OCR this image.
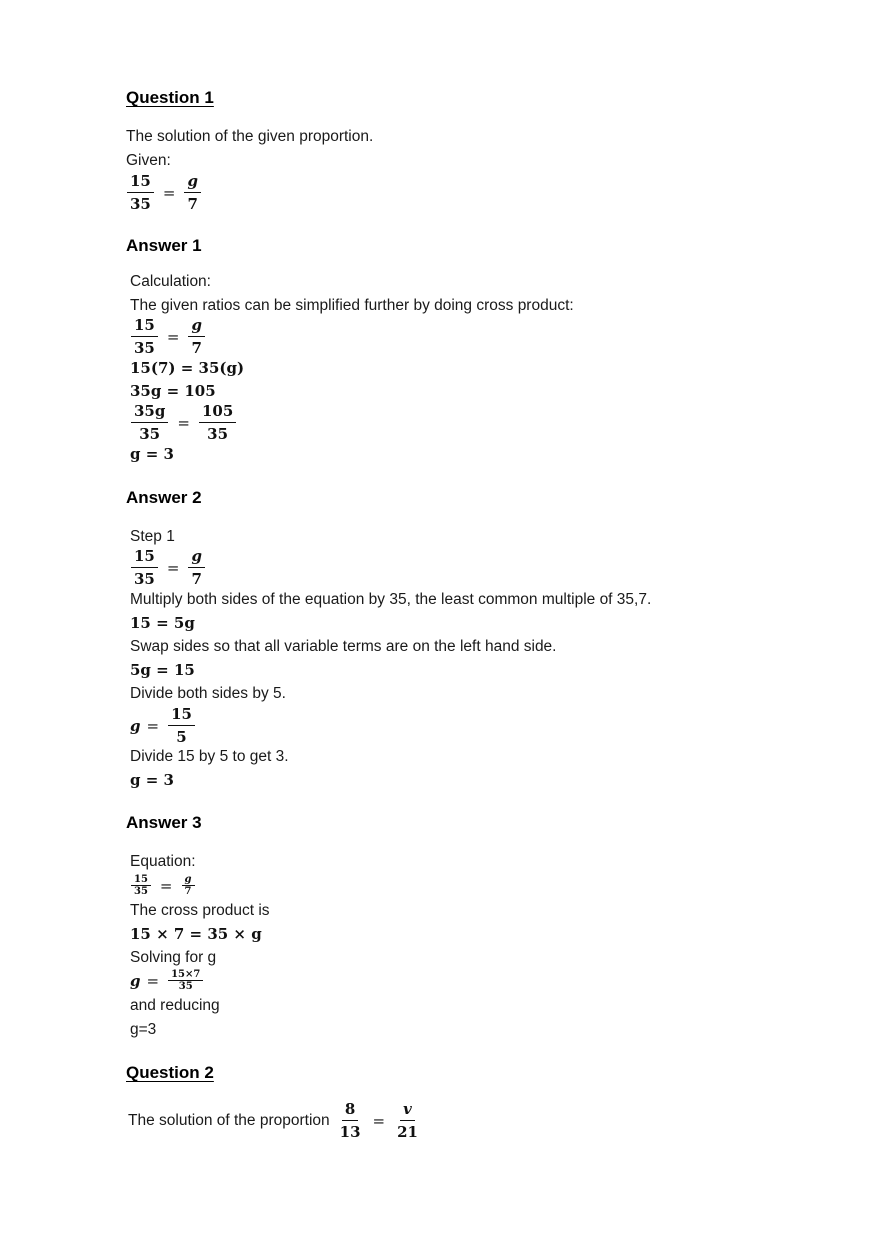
Question 1
The solution of the given proportion.
Given:
$\frac{15}{35} = \frac{g}{7}$
Answer 1
Calculation:
The given ratios can be simplified further by doing cross product:
$\frac{15}{35} = \frac{g}{7}$
15(7) = 35(g)
35g = 105
$\frac{35g}{35} = \frac{105}{35}$
g = 3
Answer 2
Step 1
$\frac{15}{35} = \frac{g}{7}$
Multiply both sides of the equation by 35, the least common multiple of 35,7.
15 = 5g
Swap sides so that all variable terms are on the left hand side.
5g = 15
Divide both sides by 5.
$g = \frac{15}{5}$
Divide 15 by 5 to get 3.
g = 3
Answer 3
Equation:
$\frac{15}{35} = \frac{g}{7}$
The cross product is
15 × 7 = 35 × g
Solving for g
$g = \frac{15\times 7}{35}$
and reducing
g=3
Question 2
The solution of the proportion $\frac{8}{13} = \frac{v}{21}$
